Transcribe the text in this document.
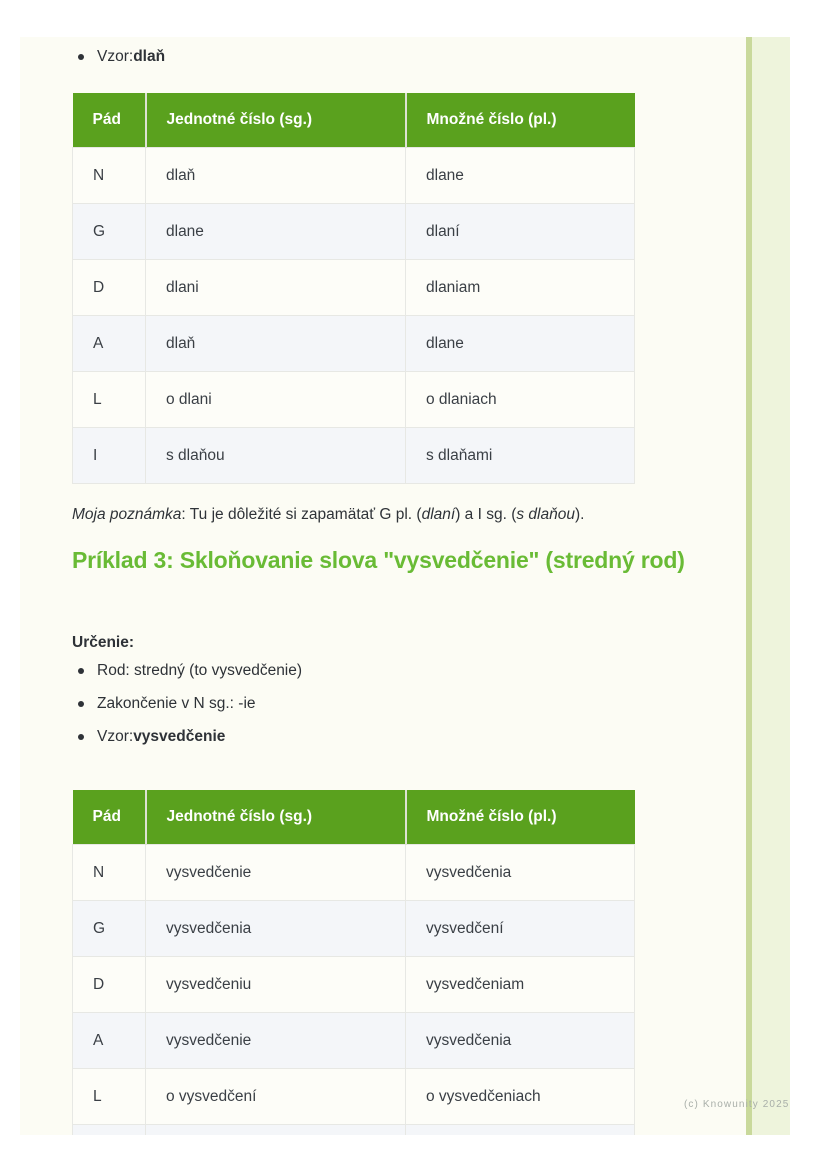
Vzor: dlaň
Pád	Jednotné číslo (sg.)	Množné číslo (pl.)
N	dlaň	dlane
G	dlane	dlaní
D	dlani	dlaniam
A	dlaň	dlane
L	o dlani	o dlaniach
I	s dlaňou	s dlaňami
Moja poznámka: Tu je dôležité si zapamätať G pl. (dlaní) a I sg. (s dlaňou).
Príklad 3: Skloňovanie slova "vysvedčenie" (stredný rod)
Určenie:
Rod: stredný (to vysvedčenie)
Zakončenie v N sg.: -ie
Vzor: vysvedčenie
Pád	Jednotné číslo (sg.)	Množné číslo (pl.)
N	vysvedčenie	vysvedčenia
G	vysvedčenia	vysvedčení
D	vysvedčeniu	vysvedčeniam
A	vysvedčenie	vysvedčenia
L	o vysvedčení	o vysvedčeniach
			(c) Knowunity 2025
